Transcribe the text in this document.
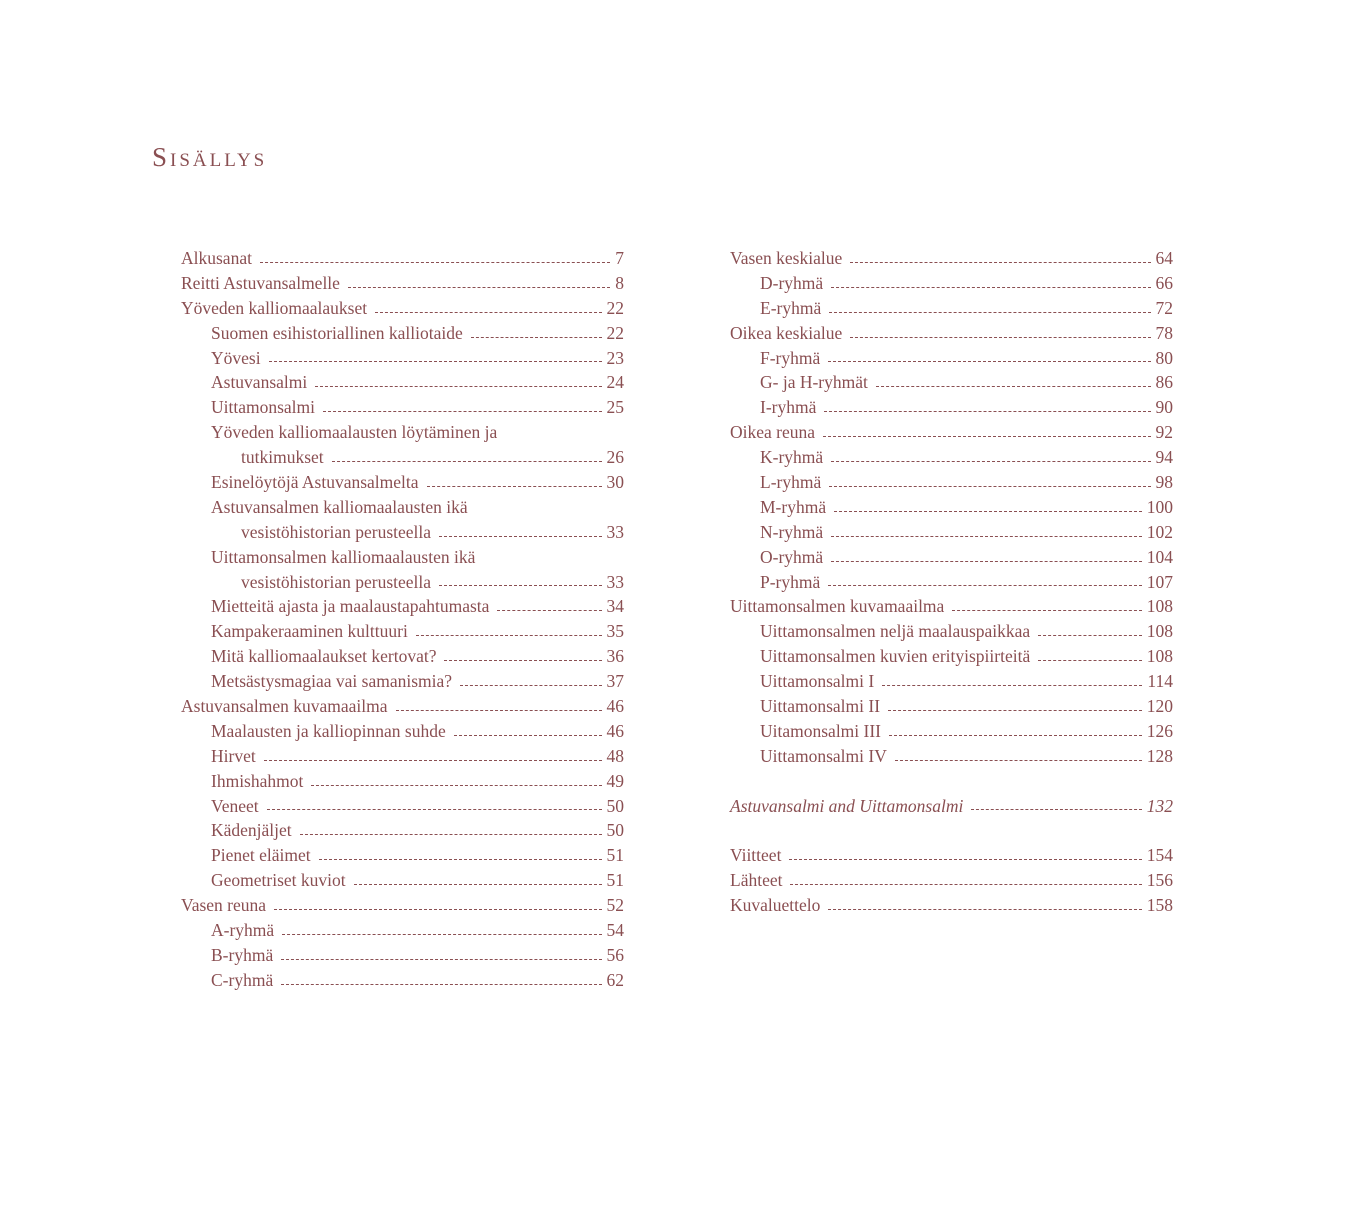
Sisällys
Alkusanat	7
Reitti Astuvansalmelle	8
Yöveden kalliomaalaukset	22
Suomen esihistoriallinen kalliotaide	22
Yövesi	23
Astuvansalmi	24
Uittamonsalmi	25
Yöveden kalliomaalausten löytäminen ja
tutkimukset	26
Esinelöytöjä Astuvansalmelta	30
Astuvansalmen kalliomaalausten ikä
vesistöhistorian perusteella	33
Uittamonsalmen kalliomaalausten ikä
vesistöhistorian perusteella	33
Mietteitä ajasta ja maalaustapahtumasta	34
Kampakeraaminen kulttuuri	35
Mitä kalliomaalaukset kertovat?	36
Metsästysmagiaa vai samanismia?	37
Astuvansalmen kuvamaailma	46
Maalausten ja kalliopinnan suhde	46
Hirvet	48
Ihmishahmot	49
Veneet	50
Kädenjäljet	50
Pienet eläimet	51
Geometriset kuviot	51
Vasen reuna	52
A-ryhmä	54
B-ryhmä	56
C-ryhmä	62
Vasen keskialue	64
D-ryhmä	66
E-ryhmä	72
Oikea keskialue	78
F-ryhmä	80
G- ja H-ryhmät	86
I-ryhmä	90
Oikea reuna	92
K-ryhmä	94
L-ryhmä	98
M-ryhmä	100
N-ryhmä	102
O-ryhmä	104
P-ryhmä	107
Uittamonsalmen kuvamaailma	108
Uittamonsalmen neljä maalauspaikkaa	108
Uittamonsalmen kuvien erityispiirteitä	108
Uittamonsalmi I	114
Uittamonsalmi II	120
Uitamonsalmi III	126
Uittamonsalmi IV	128
Astuvansalmi and Uittamonsalmi	132
Viitteet	154
Lähteet	156
Kuvaluettelo	158
